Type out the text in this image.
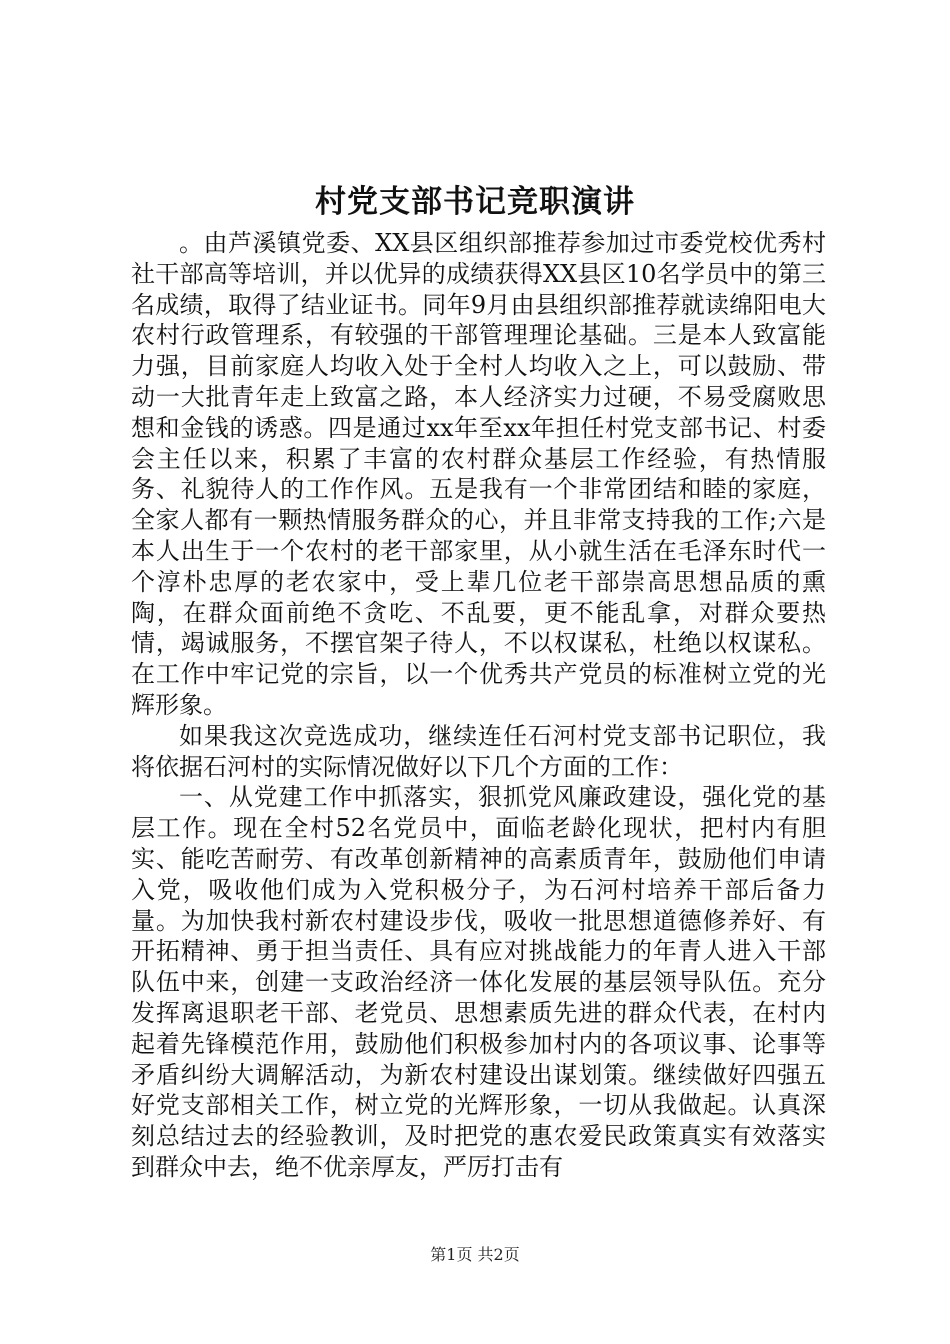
村党支部书记竞职演讲

。由芦溪镇党委、XX县区组织部推荐参加过市委党校优秀村社干部高等培训，并以优异的成绩获得XX县区10名学员中的第三名成绩，取得了结业证书。同年9月由县组织部推荐就读绵阳电大农村行政管理系，有较强的干部管理理论基础。三是本人致富能力强，目前家庭人均收入处于全村人均收入之上，可以鼓励、带动一大批青年走上致富之路，本人经济实力过硬，不易受腐败思想和金钱的诱惑。四是通过xx年至xx年担任村党支部书记、村委会主任以来，积累了丰富的农村群众基层工作经验，有热情服务、礼貌待人的工作作风。五是我有一个非常团结和睦的家庭，全家人都有一颗热情服务群众的心，并且非常支持我的工作;六是本人出生于一个农村的老干部家里，从小就生活在毛泽东时代一个淳朴忠厚的老农家中，受上辈几位老干部崇高思想品质的熏陶，在群众面前绝不贪吃、不乱要，更不能乱拿，对群众要热情，竭诚服务，不摆官架子待人，不以权谋私，杜绝以权谋私。在工作中牢记党的宗旨，以一个优秀共产党员的标准树立党的光辉形象。

如果我这次竞选成功，继续连任石河村党支部书记职位，我将依据石河村的实际情况做好以下几个方面的工作：

一、从党建工作中抓落实，狠抓党风廉政建设，强化党的基层工作。现在全村52名党员中，面临老龄化现状，把村内有胆实、能吃苦耐劳、有改革创新精神的高素质青年，鼓励他们申请入党，吸收他们成为入党积极分子，为石河村培养干部后备力量。为加快我村新农村建设步伐，吸收一批思想道德修养好、有开拓精神、勇于担当责任、具有应对挑战能力的年青人进入干部队伍中来，创建一支政治经济一体化发展的基层领导队伍。充分发挥离退职老干部、老党员、思想素质先进的群众代表，在村内起着先锋模范作用，鼓励他们积极参加村内的各项议事、论事等矛盾纠纷大调解活动，为新农村建设出谋划策。继续做好四强五好党支部相关工作，树立党的光辉形象，一切从我做起。认真深刻总结过去的经验教训，及时把党的惠农爱民政策真实有效落实到群众中去，绝不优亲厚友，严厉打击有

第1页 共2页
